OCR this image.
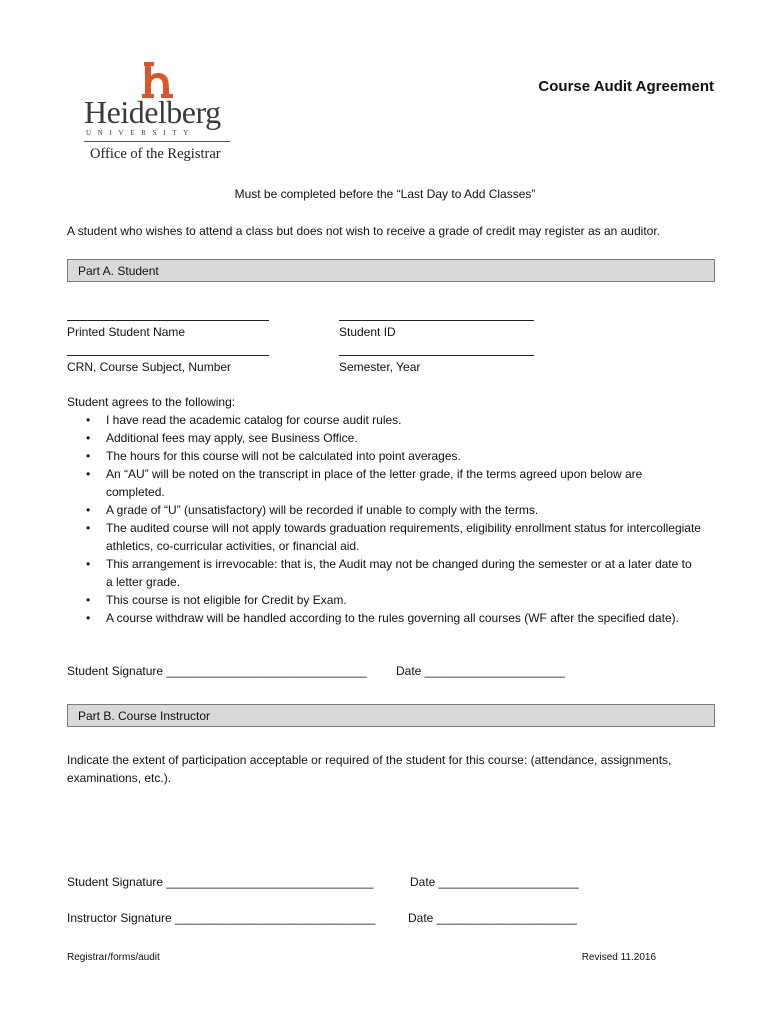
Heidelberg
UNIVERSITY
Office of the Registrar
Course Audit Agreement
Must be completed before the “Last Day to Add Classes”
A student who wishes to attend a class but does not wish to receive a grade of credit may register as an auditor.
Part A. Student
Printed Student Name	Student ID
CRN, Course Subject, Number	Semester, Year
Student agrees to the following:
• I have read the academic catalog for course audit rules.
• Additional fees may apply, see Business Office.
• The hours for this course will not be calculated into point averages.
• An “AU” will be noted on the transcript in place of the letter grade, if the terms agreed upon below are completed.
• A grade of “U” (unsatisfactory) will be recorded if unable to comply with the terms.
• The audited course will not apply towards graduation requirements, eligibility enrollment status for intercollegiate athletics, co-curricular activities, or financial aid.
• This arrangement is irrevocable: that is, the Audit may not be changed during the semester or at a later date to a letter grade.
• This course is not eligible for Credit by Exam.
• A course withdraw will be handled according to the rules governing all courses (WF after the specified date).
Student Signature ______________________________ Date _____________________
Part B. Course Instructor
Indicate the extent of participation acceptable or required of the student for this course: (attendance, assignments, examinations, etc.).
Student Signature _______________________________	Date _____________________
Instructor Signature ______________________________	Date _____________________
Registrar/forms/audit	Revised 11.2016
